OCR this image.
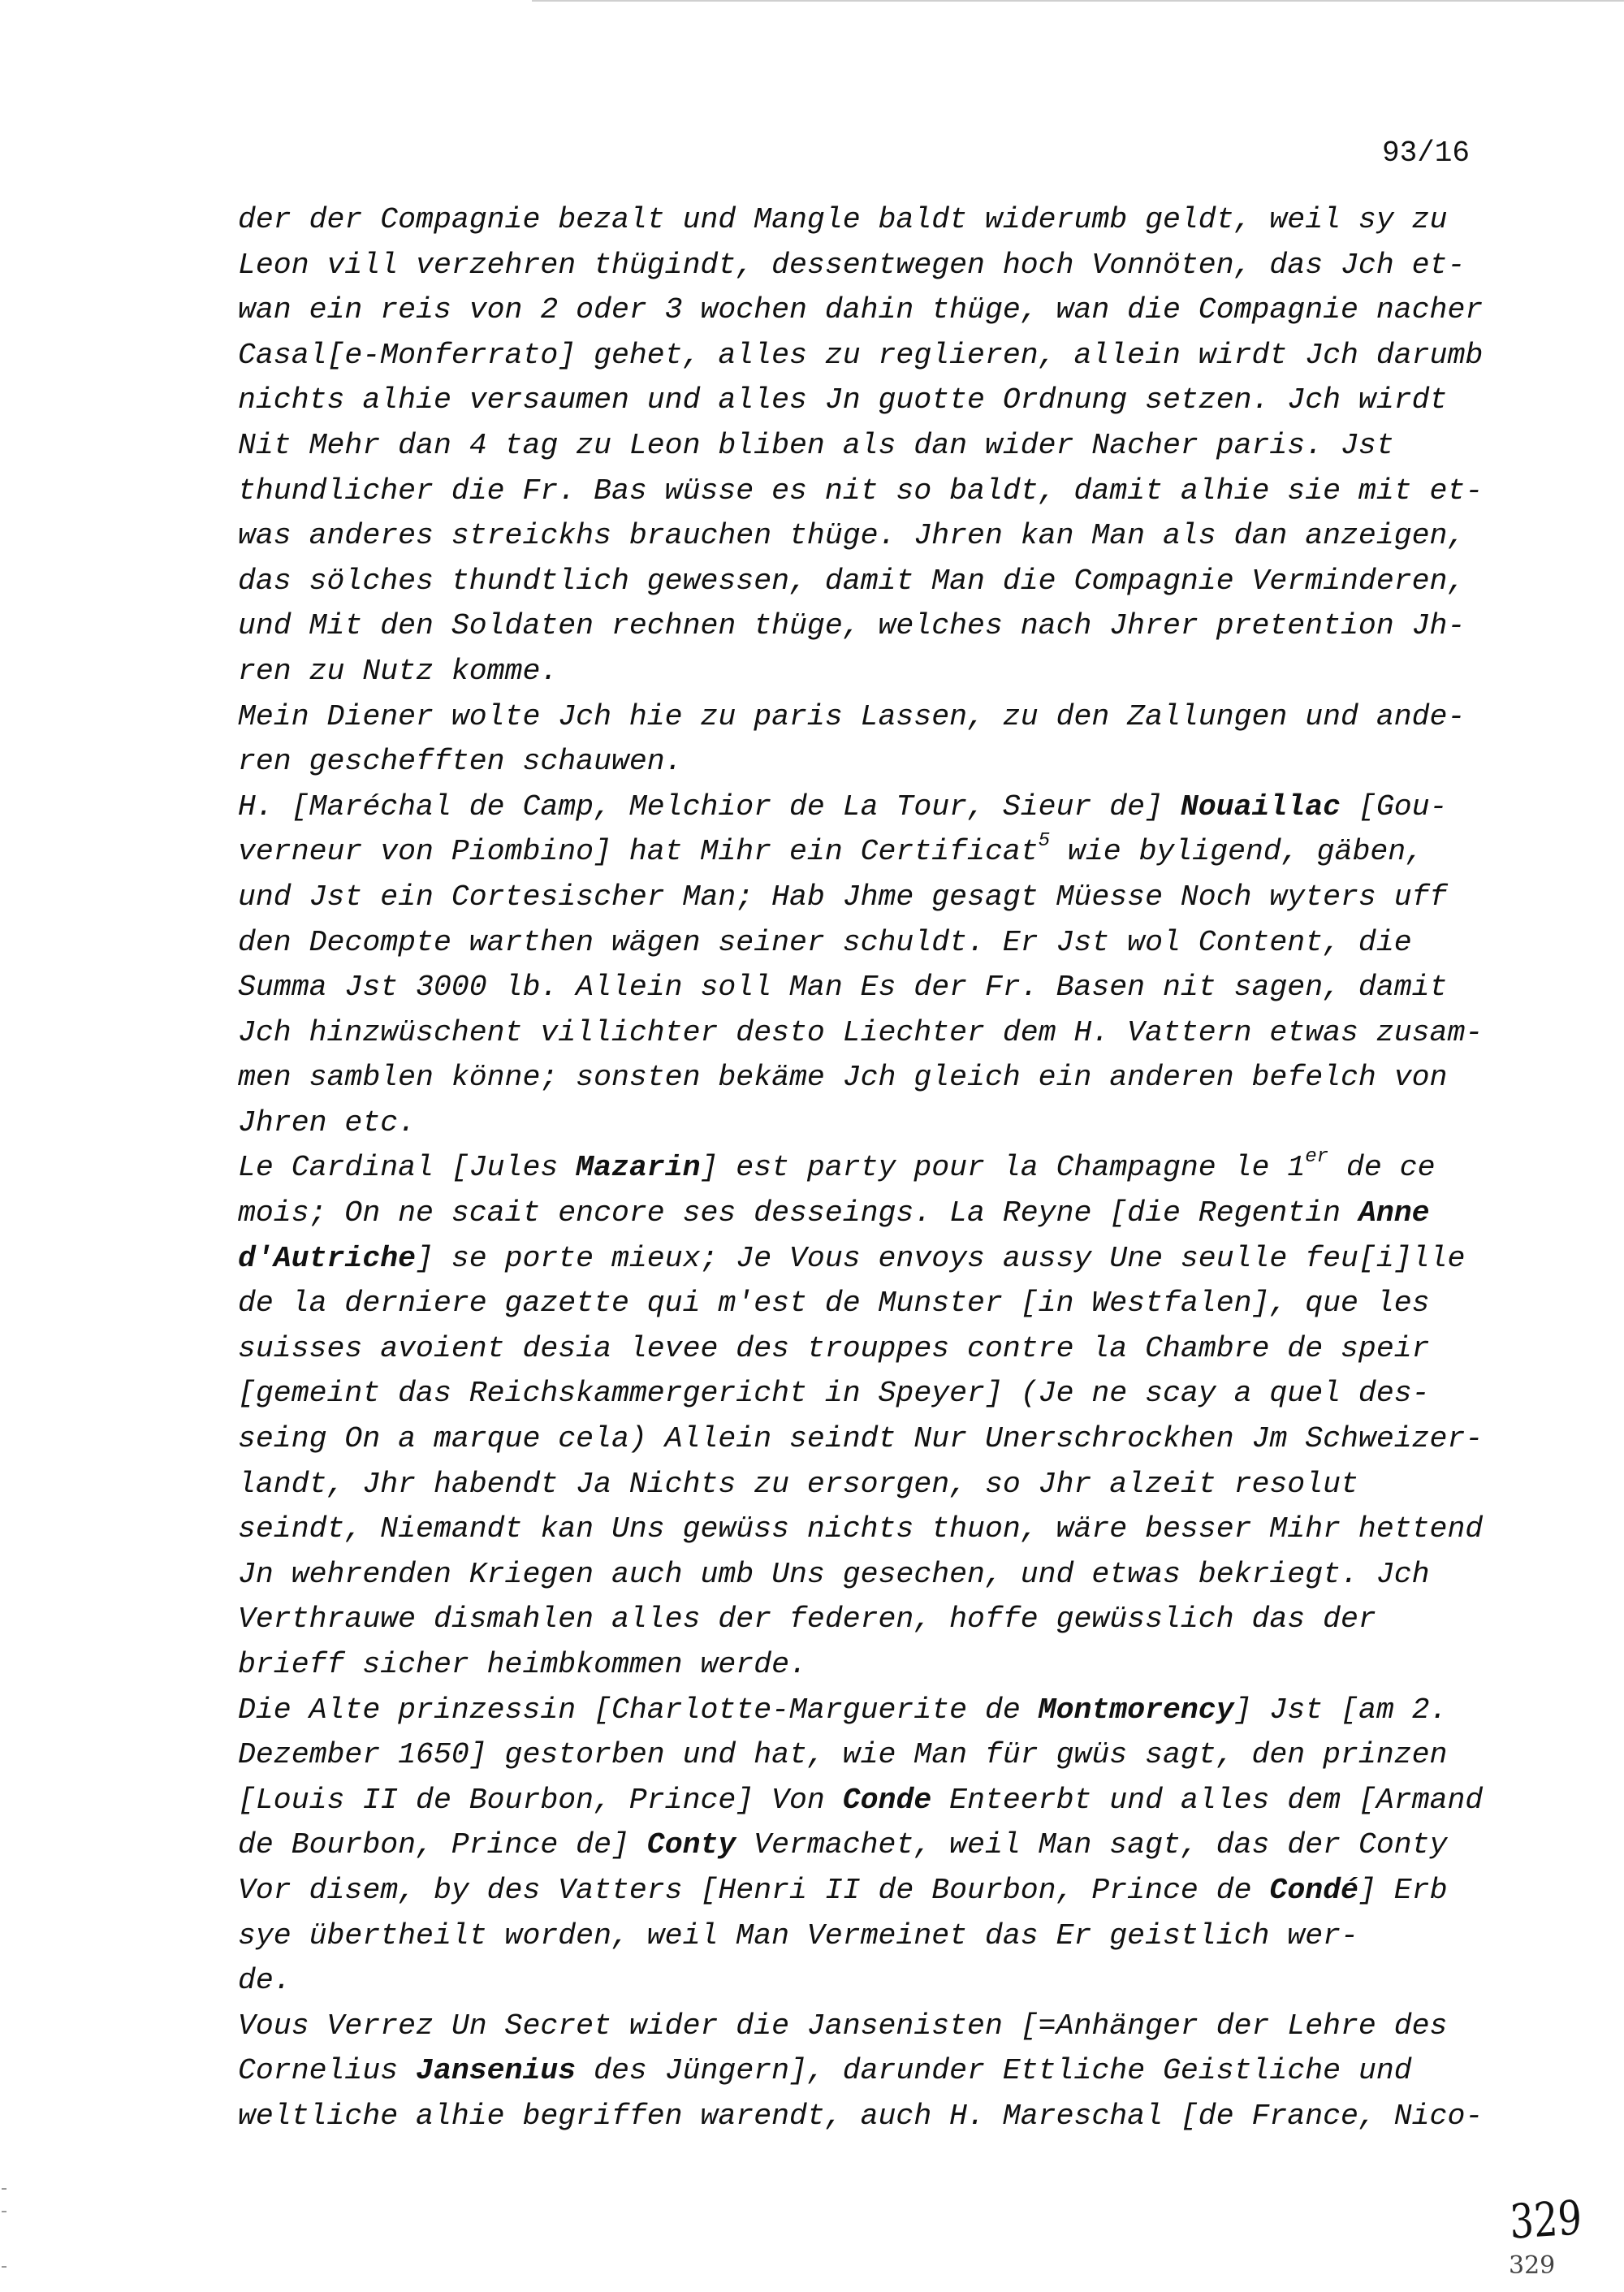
93/16
der der Compagnie bezalt und Mangle baldt widerumb geldt, weil sy zu
Leon vill verzehren thügindt, dessentwegen hoch Vonnöten, das Jch et-
wan ein reis von 2 oder 3 wochen dahin thüge, wan die Compagnie nacher
Casal[e-Monferrato] gehet, alles zu reglieren, allein wirdt Jch darumb
nichts alhie versaumen und alles Jn guotte Ordnung setzen. Jch wirdt
Nit Mehr dan 4 tag zu Leon bliben als dan wider Nacher paris. Jst
thundlicher die Fr. Bas wüsse es nit so baldt, damit alhie sie mit et-
was anderes streickhs brauchen thüge. Jhren kan Man als dan anzeigen,
das sölches thundtlich gewessen, damit Man die Compagnie Verminderen,
und Mit den Soldaten rechnen thüge, welches nach Jhrer pretention Jh-
ren zu Nutz komme.
Mein Diener wolte Jch hie zu paris Lassen, zu den Zallungen und ande-
ren geschefften schauwen.
H. [Maréchal de Camp, Melchior de La Tour, Sieur de] Nouaillac [Gou-
verneur von Piombino] hat Mihr ein Certificat$^5$ wie byligend, gäben,
und Jst ein Cortesischer Man; Hab Jhme gesagt Müesse Noch wyters uff
den Decompte warthen wägen seiner schuldt. Er Jst wol Content, die
Summa Jst 3000 lb. Allein soll Man Es der Fr. Basen nit sagen, damit
Jch hinzwüschent villichter desto Liechter dem H. Vattern etwas zusam-
men samblen könne; sonsten bekäme Jch gleich ein anderen befelch von
Jhren etc.
Le Cardinal [Jules Mazarin] est party pour la Champagne le 1er de ce
mois; On ne scait encore ses desseings. La Reyne [die Regentin Anne
d'Autriche] se porte mieux; Je Vous envoys aussy Une seulle feu[i]lle
de la derniere gazette qui m'est de Munster [in Westfalen], que les
suisses avoient desia levee des trouppes contre la Chambre de speir
[gemeint das Reichskammergericht in Speyer] (Je ne scay a quel des-
seing On a marque cela) Allein seindt Nur Unerschrockhen Jm Schweizer-
landt, Jhr habendt Ja Nichts zu ersorgen, so Jhr alzeit resolut
seindt, Niemandt kan Uns gewüss nichts thuon, wäre besser Mihr hettend
Jn wehrenden Kriegen auch umb Uns gesechen, und etwas bekriegt. Jch
Verthrauwe dismahlen alles der federen, hoffe gewüsslich das der
brieff sicher heimbkommen werde.
Die Alte prinzessin [Charlotte-Marguerite de Montmorency] Jst [am 2.
Dezember 1650] gestorben und hat, wie Man für gwüs sagt, den prinzen
[Louis II de Bourbon, Prince] Von Conde Enteerbt und alles dem [Armand
de Bourbon, Prince de] Conty Vermachet, weil Man sagt, das der Conty
Vor disem, by des Vatters [Henri II de Bourbon, Prince de Condé] Erb
sye übertheilt worden, weil Man Vermeinet das Er geistlich wer-
de.
Vous Verrez Un Secret wider die Jansenisten [=Anhänger der Lehre des
Cornelius Jansenius des Jüngern], darunder Ettliche Geistliche und
weltliche alhie begriffen warendt, auch H. Mareschal [de France, Nico-
329
329
